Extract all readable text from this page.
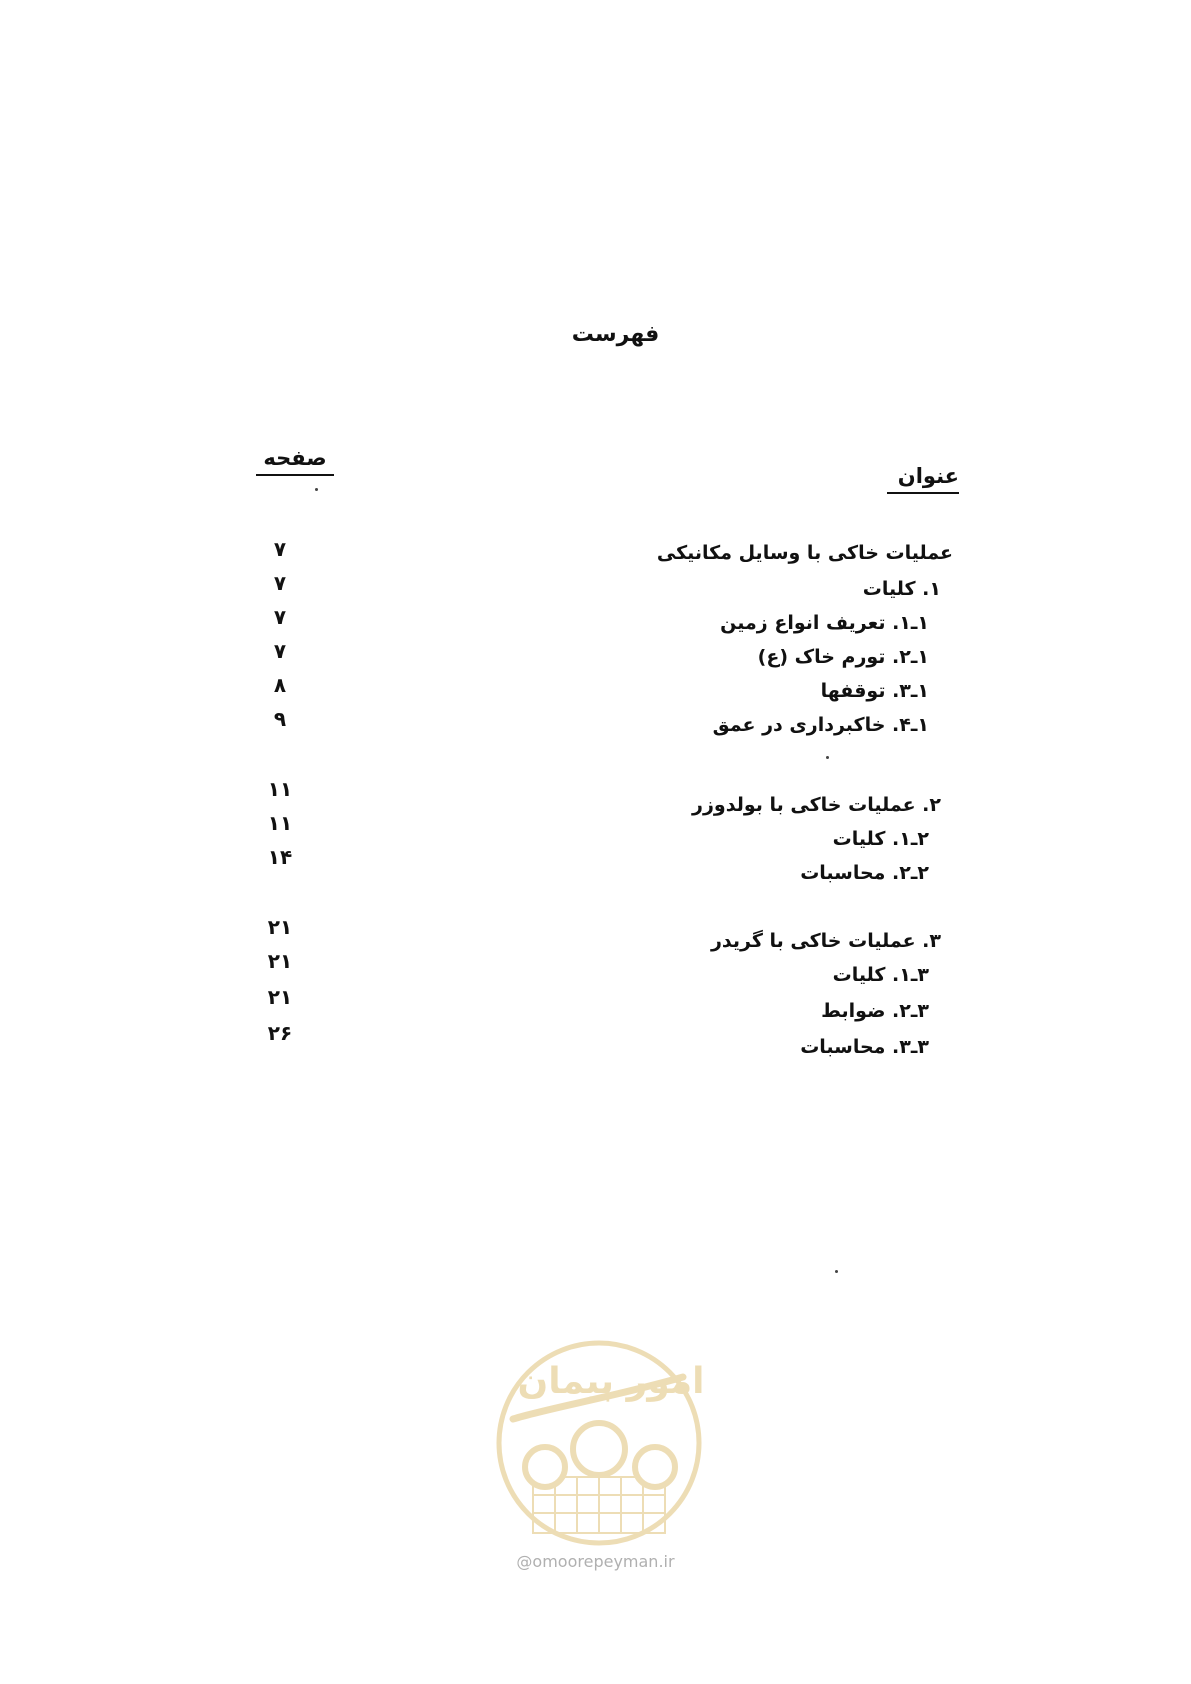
فهرست
عنوان
صفحه
عملیات خاکی با وسایل مکانیکی
۱. کلیات
۷
۱ـ۱. تعریف انواع زمین
۷
۱ـ۲. تورم خاک (ع)
۷
۱ـ۳. توقفها
۷
۱ـ۴. خاکبرداری در عمق
۸
۹
۲. عملیات خاکی با بولدوزر
۱۱
۲ـ۱. کلیات
۱۱
۲ـ۲. محاسبات
۱۴
۳. عملیات خاکی با گریدر
۲۱
۳ـ۱. کلیات
۲۱
۳ـ۲. ضوابط
۲۱
۳ـ۳. محاسبات
۲۶
امور پیمان
@omoorepeyman.ir
